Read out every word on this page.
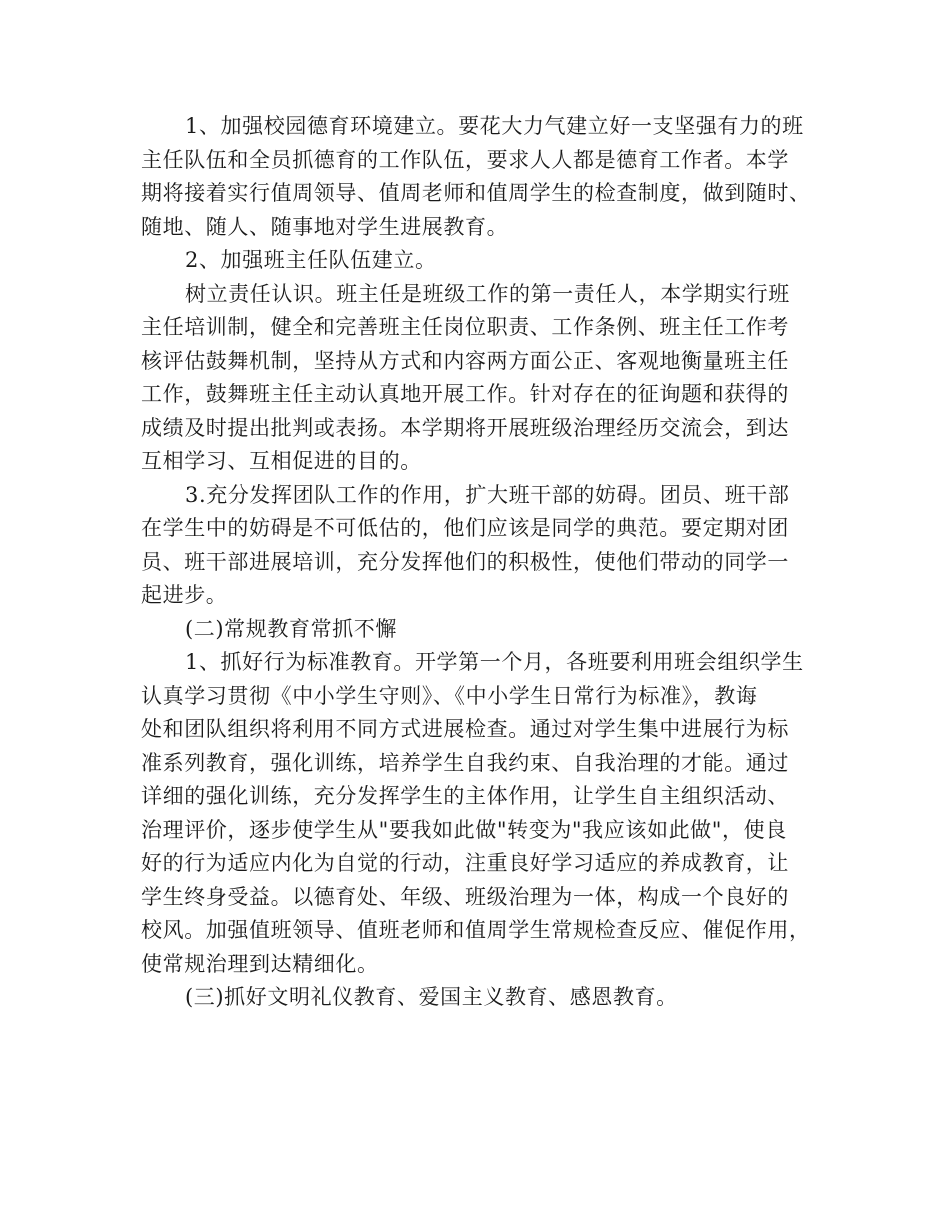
1、加强校园德育环境建立。要花大力气建立好一支坚强有力的班
主任队伍和全员抓德育的工作队伍，要求人人都是德育工作者。本学
期将接着实行值周领导、值周老师和值周学生的检查制度，做到随时、
随地、随人、随事地对学生进展教育。
2、加强班主任队伍建立。
树立责任认识。班主任是班级工作的第一责任人，本学期实行班
主任培训制，健全和完善班主任岗位职责、工作条例、班主任工作考
核评估鼓舞机制，坚持从方式和内容两方面公正、客观地衡量班主任
工作，鼓舞班主任主动认真地开展工作。针对存在的征询题和获得的
成绩及时提出批判或表扬。本学期将开展班级治理经历交流会，到达
互相学习、互相促进的目的。
3.充分发挥团队工作的作用，扩大班干部的妨碍。团员、班干部
在学生中的妨碍是不可低估的，他们应该是同学的典范。要定期对团
员、班干部进展培训，充分发挥他们的积极性，使他们带动的同学一
起进步。
(二)常规教育常抓不懈
1、抓好行为标准教育。开学第一个月，各班要利用班会组织学生
认真学习贯彻《中小学生守则》、《中小学生日常行为标准》，教诲
处和团队组织将利用不同方式进展检查。通过对学生集中进展行为标
准系列教育，强化训练，培养学生自我约束、自我治理的才能。通过
详细的强化训练，充分发挥学生的主体作用，让学生自主组织活动、
治理评价，逐步使学生从"要我如此做"转变为"我应该如此做"，使良
好的行为适应内化为自觉的行动，注重良好学习适应的养成教育，让
学生终身受益。以德育处、年级、班级治理为一体，构成一个良好的
校风。加强值班领导、值班老师和值周学生常规检查反应、催促作用，
使常规治理到达精细化。
(三)抓好文明礼仪教育、爱国主义教育、感恩教育。
